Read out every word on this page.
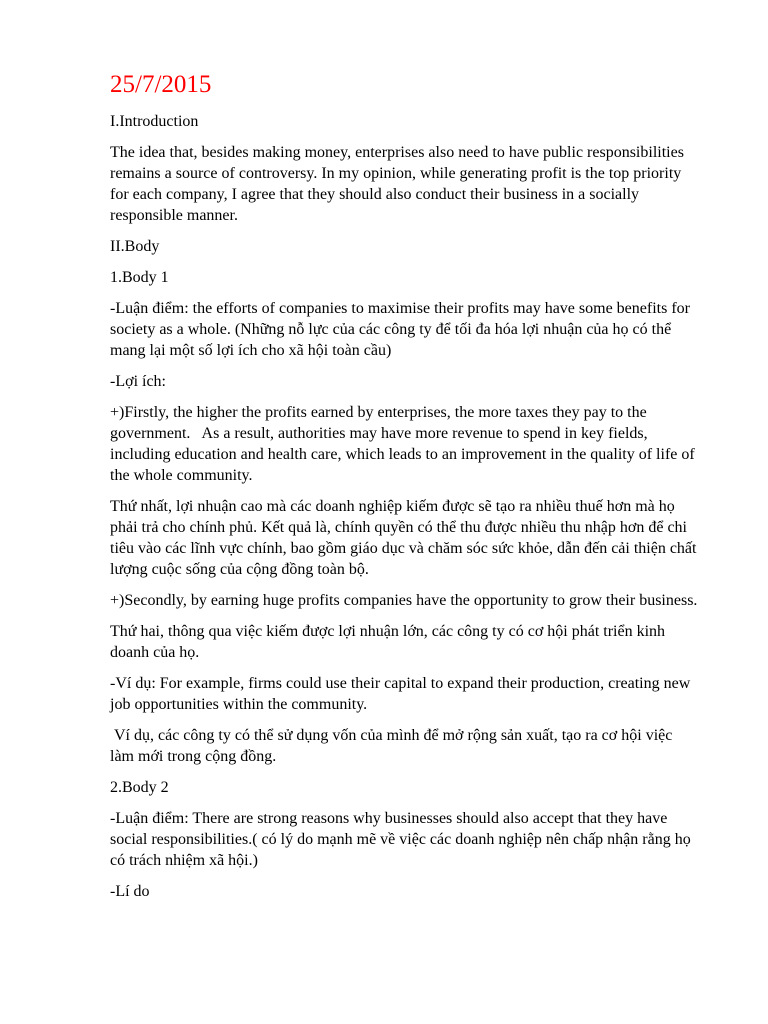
25/7/2015

I.Introduction

The idea that, besides making money, enterprises also need to have public responsibilities remains a source of controversy. In my opinion, while generating profit is the top priority for each company, I agree that they should also conduct their business in a socially responsible manner.

II.Body

1.Body 1

-Luận điểm: the efforts of companies to maximise their profits may have some benefits for society as a whole. (Những nỗ lực của các công ty để tối đa hóa lợi nhuận của họ có thể mang lại một số lợi ích cho xã hội toàn cầu)

-Lợi ích:

+)Firstly, the higher the profits earned by enterprises, the more taxes they pay to the government.   As a result, authorities may have more revenue to spend in key fields, including education and health care, which leads to an improvement in the quality of life of the whole community.

Thứ nhất, lợi nhuận cao mà các doanh nghiệp kiếm được sẽ tạo ra nhiều thuế hơn mà họ phải trả cho chính phủ. Kết quả là, chính quyền có thể thu được nhiều thu nhập hơn để chi tiêu vào các lĩnh vực chính, bao gồm giáo dục và chăm sóc sức khỏe, dẫn đến cải thiện chất lượng cuộc sống của cộng đồng toàn bộ.

+)Secondly, by earning huge profits companies have the opportunity to grow their business.

Thứ hai, thông qua việc kiếm được lợi nhuận lớn, các công ty có cơ hội phát triển kinh doanh của họ.

-Ví dụ: For example, firms could use their capital to expand their production, creating new job opportunities within the community.

Ví dụ, các công ty có thể sử dụng vốn của mình để mở rộng sản xuất, tạo ra cơ hội việc làm mới trong cộng đồng.

2.Body 2

-Luận điểm: There are strong reasons why businesses should also accept that they have social responsibilities.( có lý do mạnh mẽ về việc các doanh nghiệp nên chấp nhận rằng họ có trách nhiệm xã hội.)

-Lí do
